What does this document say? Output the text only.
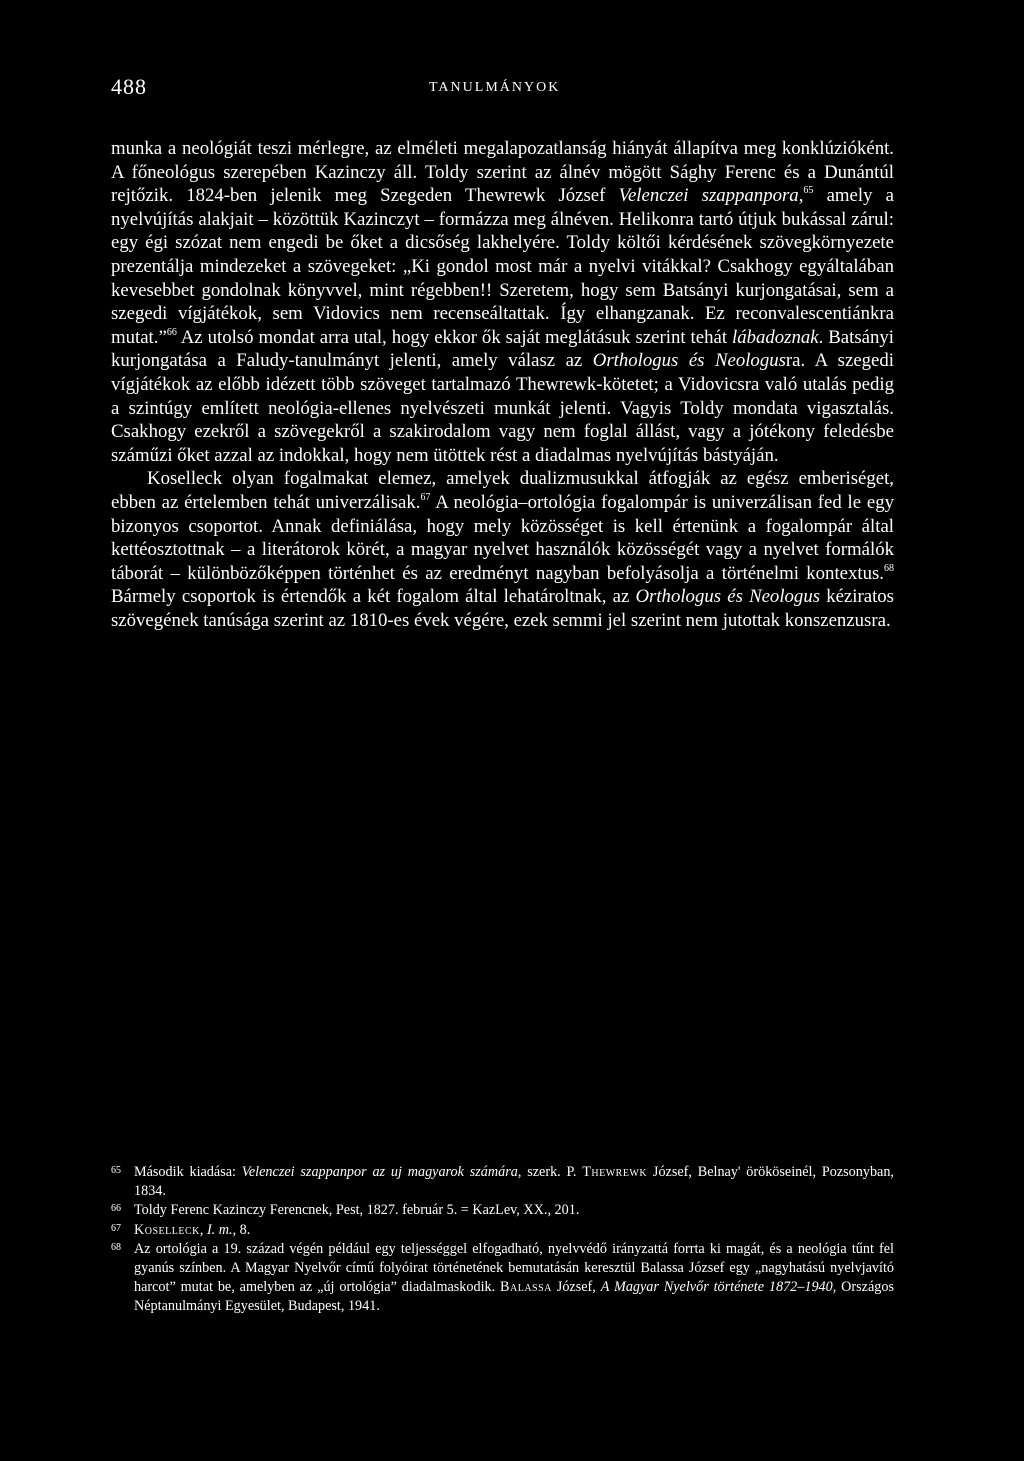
488	TANULMÁNYOK

munka a neológiát teszi mérlegre, az elméleti megalapozatlanság hiányát állapítva meg konklúzióként. A főneológus szerepében Kazinczy áll. Toldy szerint az álnév mögött Sághy Ferenc és a Dunántúl rejtőzik. 1824-ben jelenik meg Szegeden Thewrewk József Velenczei szappanpora,$^{65}$ amely a nyelvújítás alakjait – közöttük Kazinczyt – formázza meg álnéven. Helikonra tartó útjuk bukással zárul: egy égi szózat nem engedi be őket a dicsőség lakhelyére. Toldy költői kérdésének szövegkörnyezete prezentálja mindezeket a szövegeket: „Ki gondol most már a nyelvi vitákkal? Csakhogy egyáltalában kevesebbet gondolnak könyvvel, mint régebben!! Szeretem, hogy sem Batsányi kurjongatásai, sem a szegedi vígjátékok, sem Vidovics nem recenseáltattak. Így elhangzanak. Ez reconvalescentiánkra mutat.”$^{66}$ Az utolsó mondat arra utal, hogy ekkor ők saját meglátásuk szerint tehát lábadoznak. Batsányi kurjongatása a Faludy-tanulmányt jelenti, amely válasz az Orthologus és Neologusra. A szegedi vígjátékok az előbb idézett több szöveget tartalmazó Thewrewk-kötetet; a Vidovicsra való utalás pedig a szintúgy említett neológia-ellenes nyelvészeti munkát jelenti. Vagyis Toldy mondata vigasztalás. Csakhogy ezekről a szövegekről a szakirodalom vagy nem foglal állást, vagy a jótékony feledésbe száműzi őket azzal az indokkal, hogy nem ütöttek rést a diadalmas nyelvújítás bástyáján.

Koselleck olyan fogalmakat elemez, amelyek dualizmusukkal átfogják az egész emberiséget, ebben az értelemben tehát univerzálisak.$^{67}$ A neológia–ortológia fogalompár is univerzálisan fed le egy bizonyos csoportot. Annak definiálása, hogy mely közösséget is kell értenünk a fogalompár által kettéosztottnak – a literátorok körét, a magyar nyelvet használók közösségét vagy a nyelvet formálók táborát – különbözőképpen történhet és az eredményt nagyban befolyásolja a történelmi kontextus.$^{68}$ Bármely csoportok is értendők a két fogalom által lehatároltnak, az Orthologus és Neologus kéziratos szövegének tanúsága szerint az 1810-es évek végére, ezek semmi jel szerint nem jutottak konszenzusra.

65 Második kiadása: Velenczei szappanpor az uj magyarok számára, szerk. P. Thewrewk József, Belnay' örököseinél, Pozsonyban, 1834.
66 Toldy Ferenc Kazinczy Ferencnek, Pest, 1827. február 5. = KazLev, XX., 201.
67 Koselleck, I. m., 8.
68 Az ortológia a 19. század végén például egy teljességgel elfogadható, nyelvvédő irányzattá forrta ki magát, és a neológia tűnt fel gyanús színben. A Magyar Nyelvőr című folyóirat történetének bemutatásán keresztül Balassa József egy „nagyhatású nyelvjavító harcot” mutat be, amelyben az „új ortológia” diadalmaskodik. Balassa József, A Magyar Nyelvőr története 1872–1940, Országos Néptanulmányi Egyesület, Budapest, 1941.
